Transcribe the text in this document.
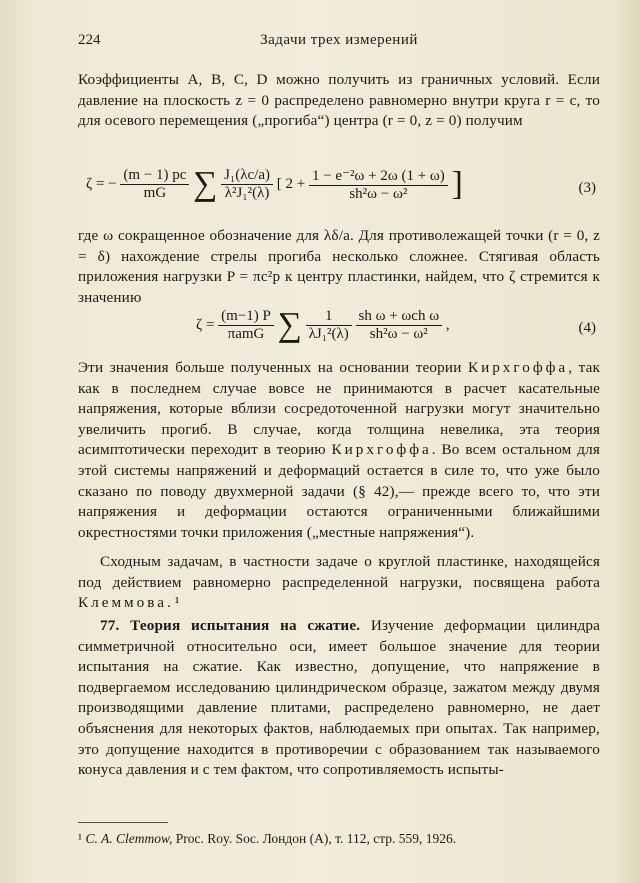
224	Задачи трех измерений

Коэффициенты A, B, C, D можно получить из граничных условий. Если давление на плоскость z = 0 распределено равномерно внутри круга r = c, то для осевого перемещения („прогиба“) центра (r = 0, z = 0) получим

ζ = − $\frac{(m - 1) pc}{mG}$ ∑ $\frac{\text{J₁(λc/a)}}{\text{λ²J₁²(λ)}}$ [ $2 + \frac{\text{1 − e⁻²ω + 2ω (1 + ω)}}{\text{sh²ω − ω²}}$ ]	(3)

где ω сокращенное обозначение для λδ/a. Для противолежащей точки (r = 0, z = δ) нахождение стрелы прогиба несколько сложнее. Стягивая область приложения нагрузки P = πc²p к центру пластинки, найдем, что ζ стремится к значению

$\zeta = \frac{(m-1) P}{\text{πamG}}$ ∑ $\frac{1}{\text{λJ₁²(λ)}}$
$\frac{\text{sh ω + ωch ω}}{\text{sh²ω − ω²}}$ ,	(4)

Эти значения больше полученных на основании теории Кирхгоффа, так как в последнем случае вовсе не принимаются в расчет касательные напряжения, которые вблизи сосредоточенной нагрузки могут значительно увеличить прогиб. В случае, когда толщина невелика, эта теория асимптотически переходит в теорию Кирхгоффа. Во всем остальном для этой системы напряжений и деформаций остается в силе то, что уже было сказано по поводу двухмерной задачи (§ 42),— прежде всего то, что эти напряжения и деформации остаются ограниченными ближайшими окрестностями точки приложения („местные напряжения“).

Сходным задачам, в частности задаче о круглой пластинке, находящейся под действием равномерно распределенной нагрузки, посвящена работа Клеммова. ¹

77. Теория испытания на сжатие. Изучение деформации цилиндра симметричной относительно оси, имеет большое значение для теории испытания на сжатие. Как известно, допущение, что напряжение в подвергаемом исследованию цилиндрическом образце, зажатом между двумя производящими давление плитами, распределено равномерно, не дает объяснения для некоторых фактов, наблюдаемых при опытах. Так например, это допущение находится в противоречии с образованием так называемого конуса давления и с тем фактом, что сопротивляемость испыты-

¹ C. A. Clemmow, Proc. Roy. Soc. Лондон (A), т. 112, стр. 559, 1926.
